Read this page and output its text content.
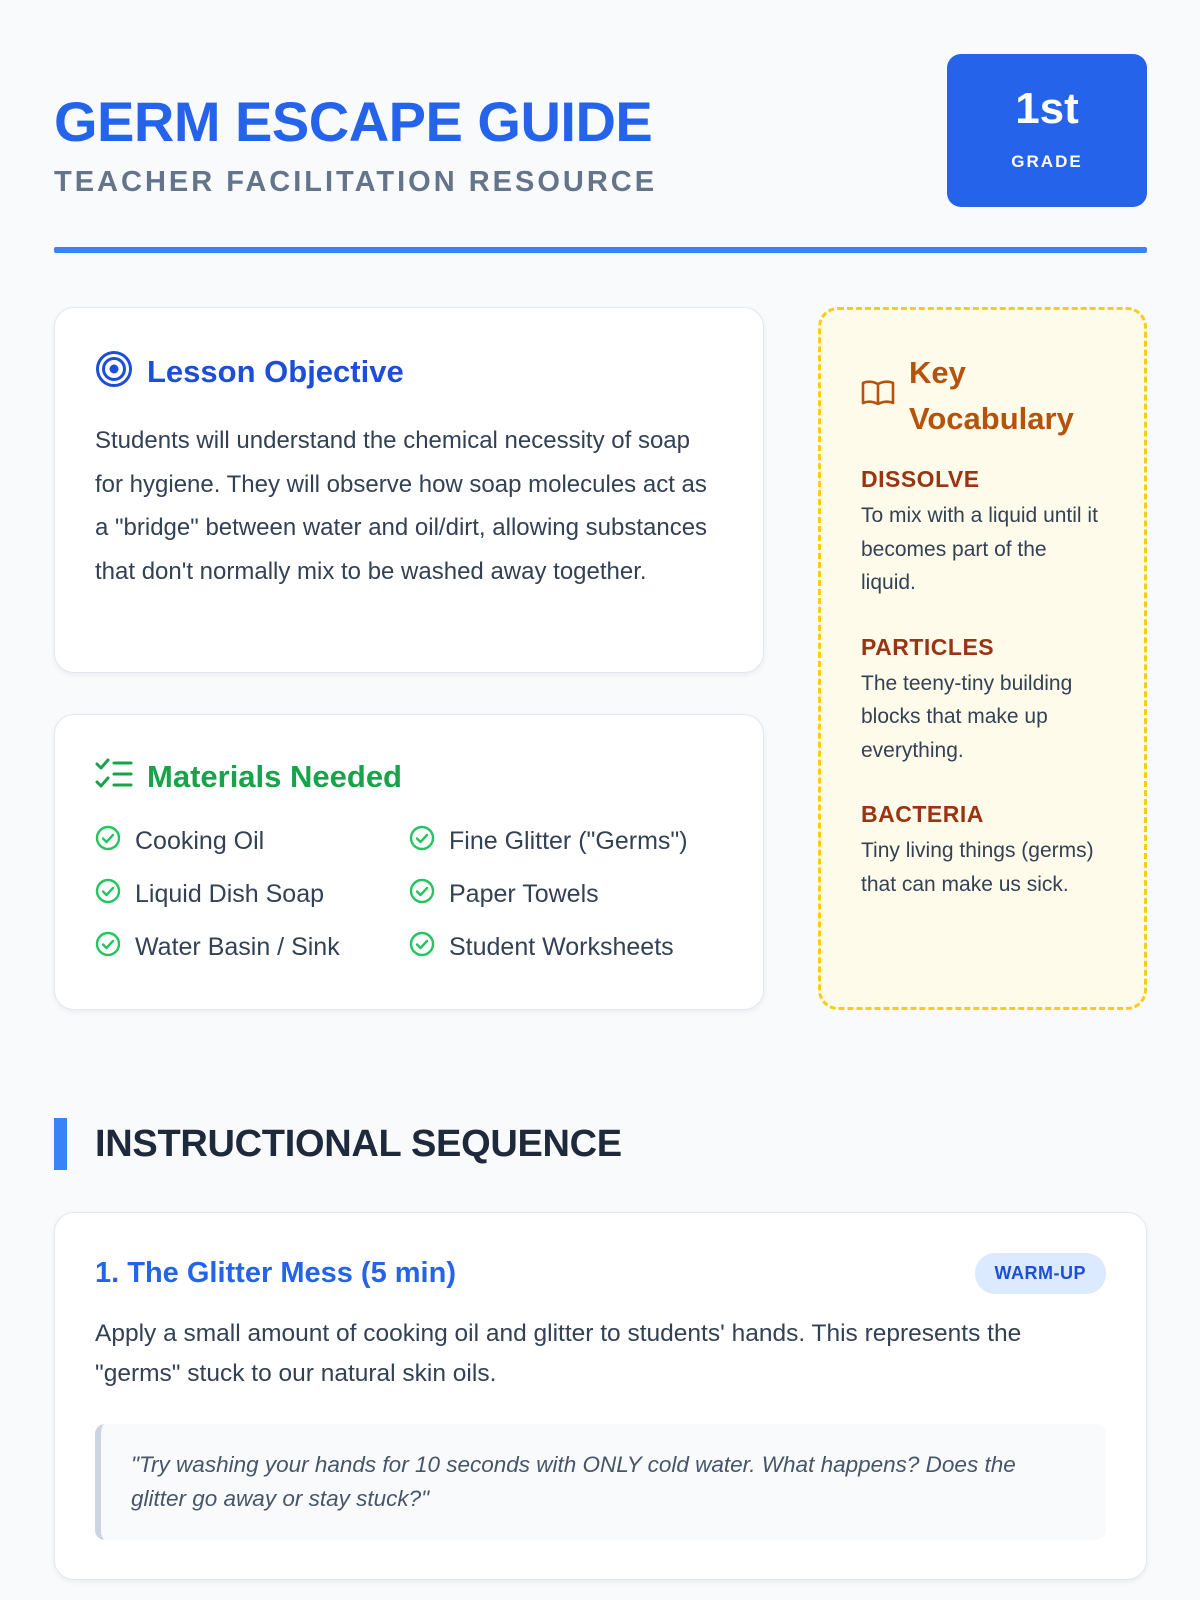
GERM ESCAPE GUIDE
TEACHER FACILITATION RESOURCE
1st
GRADE
Lesson Objective

Students will understand the chemical necessity of soap for hygiene. They will observe how soap molecules act as a "bridge" between water and oil/dirt, allowing substances that don't normally mix to be washed away together.

Materials Needed
Cooking Oil	Fine Glitter ("Germs")
Liquid Dish Soap	Paper Towels
Water Basin / Sink	Student Worksheets
Key Vocabulary
DISSOLVE
To mix with a liquid until it becomes part of the liquid.
PARTICLES
The teeny-tiny building blocks that make up everything.
BACTERIA
Tiny living things (germs) that can make us sick.
INSTRUCTIONAL SEQUENCE
1. The Glitter Mess (5 min)	WARM-UP
Apply a small amount of cooking oil and glitter to students' hands. This represents the "germs" stuck to our natural skin oils.
"Try washing your hands for 10 seconds with ONLY cold water. What happens? Does the glitter go away or stay stuck?"
